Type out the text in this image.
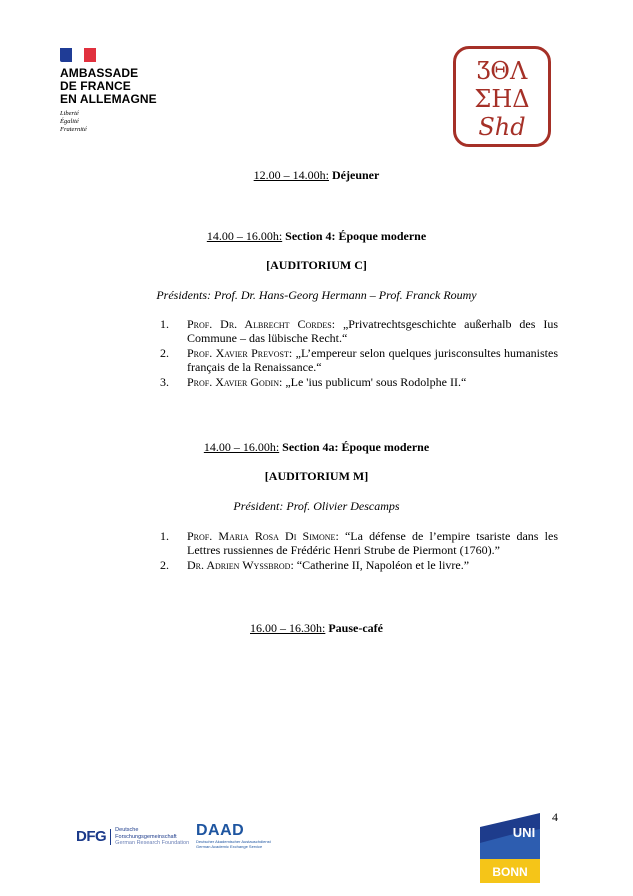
AMBASSADE
DE FRANCE
EN ALLEMAGNE
Liberté
Égalité
Fraternité
ƷΘΛ
ΣΗΔ
Shd
12.00 – 14.00h: Déjeuner
14.00 – 16.00h: Section 4: Époque moderne
[AUDITORIUM C]
Présidents: Prof. Dr. Hans-Georg Hermann – Prof. Franck Roumy
1.	Prof. Dr. Albrecht Cordes: „Privatrechtsgeschichte außerhalb des Ius Commune – das lübische Recht.“
2.	Prof. Xavier Prevost: „L’empereur selon quelques jurisconsultes humanistes français de la Renaissance.“
3.	Prof. Xavier Godin: „Le 'ius publicum' sous Rodolphe II.“
14.00 – 16.00h: Section 4a: Époque moderne
[AUDITORIUM M]
Président: Prof. Olivier Descamps
1.	Prof. Maria Rosa Di Simone: “La défense de l’empire tsariste dans les Lettres russiennes de Frédéric Henri Strube de Piermont (1760).”
2.	Dr. Adrien Wyssbrod: “Catherine II, Napoléon et le livre.”
16.00 – 16.30h: Pause-café
4
DFG	Deutsche
Forschungsgemeinschaft
German Research Foundation
DAAD
Deutscher Akademischer Austauschdienst
German Academic Exchange Service
UNI
BONN
